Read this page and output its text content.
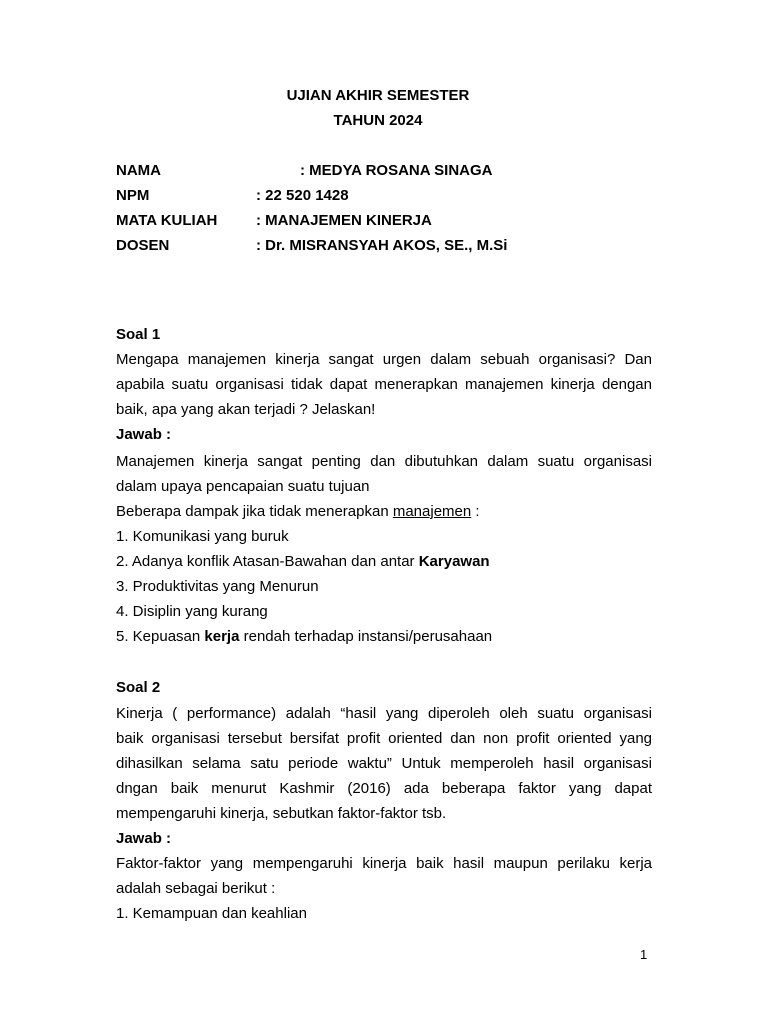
UJIAN AKHIR SEMESTER
TAHUN 2024
NAMA	: MEDYA ROSANA SINAGA
NPM	: 22 520 1428
MATA KULIAH	: MANAJEMEN KINERJA
DOSEN	: Dr. MISRANSYAH AKOS, SE., M.Si
Soal 1
Mengapa manajemen kinerja sangat urgen dalam sebuah organisasi? Dan
apabila suatu organisasi tidak dapat menerapkan manajemen kinerja dengan
baik, apa yang akan terjadi ? Jelaskan!
Jawab :
Manajemen kinerja sangat penting dan dibutuhkan dalam suatu organisasi
dalam upaya pencapaian suatu tujuan
Beberapa dampak jika tidak menerapkan manajemen :
1. Komunikasi yang buruk
2. Adanya konflik Atasan-Bawahan dan antar Karyawan
3. Produktivitas yang Menurun
4. Disiplin yang kurang
5. Kepuasan kerja rendah terhadap instansi/perusahaan
Soal 2
Kinerja ( performance) adalah “hasil yang diperoleh oleh suatu organisasi
baik organisasi tersebut bersifat profit oriented dan non profit oriented yang
dihasilkan selama satu periode waktu” Untuk memperoleh hasil organisasi
dngan baik menurut Kashmir (2016) ada beberapa faktor yang dapat
mempengaruhi kinerja, sebutkan faktor-faktor tsb.
Jawab :
Faktor-faktor yang mempengaruhi kinerja baik hasil maupun perilaku kerja
adalah sebagai berikut :
1. Kemampuan dan keahlian
1
